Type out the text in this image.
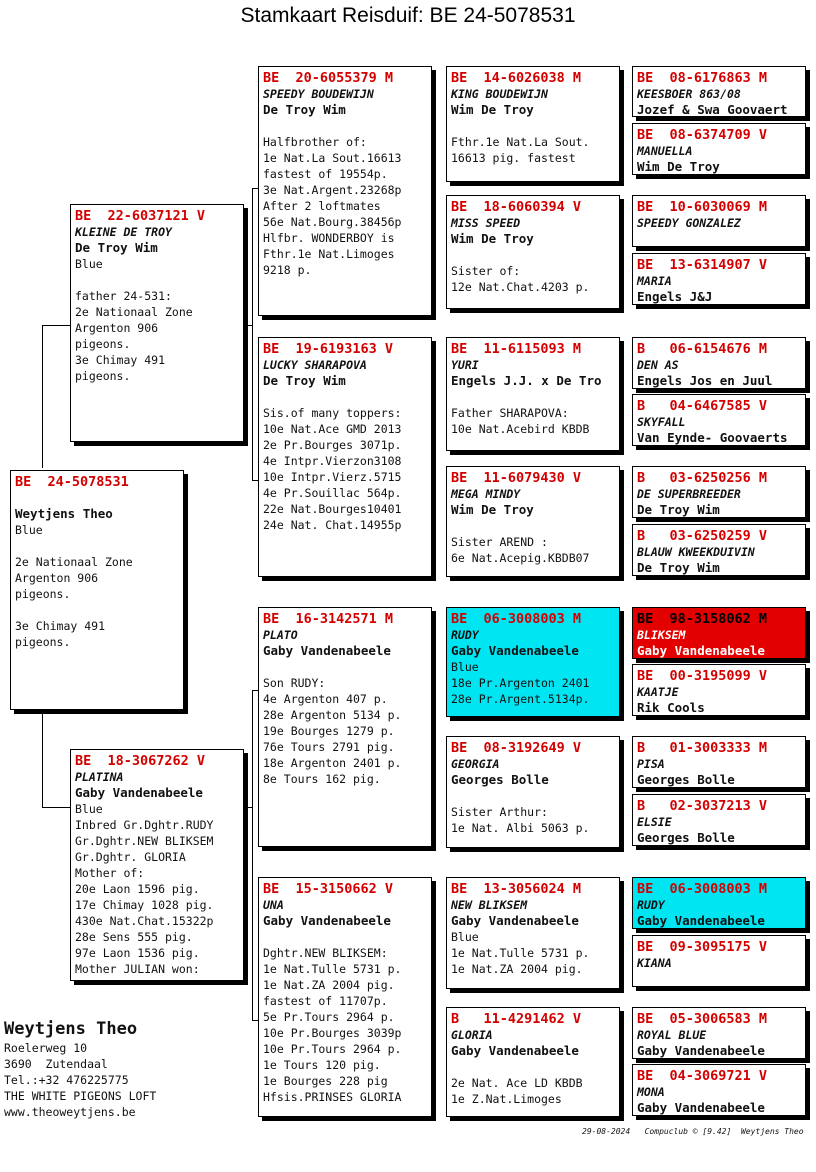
Stamkaart Reisduif: BE 24-5078531
BE  24-5078531
Weytjens Theo
Blue

2e Nationaal Zone
Argenton 906
pigeons.

3e Chimay 491
pigeons.
BE  22-6037121 V
KLEINE DE TROY
De Troy Wim
Blue

father 24-531:
2e Nationaal Zone
Argenton 906
pigeons.
3e Chimay 491
pigeons.
BE  18-3067262 V
PLATINA
Gaby Vandenabeele
Blue
Inbred Gr.Dghtr.RUDY
Gr.Dghtr.NEW BLIKSEM
Gr.Dghtr. GLORIA
Mother of:
20e Laon 1596 pig.
17e Chimay 1028 pig.
430e Nat.Chat.15322p
28e Sens 555 pig.
97e Laon 1536 pig.
Mother JULIAN won:
BE  20-6055379 M
SPEEDY BOUDEWIJN
De Troy Wim

Halfbrother of:
1e Nat.La Sout.16613
fastest of 19554p.
3e Nat.Argent.23268p
After 2 loftmates
56e Nat.Bourg.38456p
Hlfbr. WONDERBOY is
Fthr.1e Nat.Limoges
9218 p.
BE  19-6193163 V
LUCKY SHARAPOVA
De Troy Wim

Sis.of many toppers:
10e Nat.Ace GMD 2013
2e Pr.Bourges 3071p.
4e Intpr.Vierzon3108
10e Intpr.Vierz.5715
4e Pr.Souillac 564p.
22e Nat.Bourges10401
24e Nat. Chat.14955p
BE  16-3142571 M
PLATO
Gaby Vandenabeele

Son RUDY:
4e Argenton 407 p.
28e Argenton 5134 p.
19e Bourges 1279 p.
76e Tours 2791 pig.
18e Argenton 2401 p.
8e Tours 162 pig.
BE  15-3150662 V
UNA
Gaby Vandenabeele

Dghtr.NEW BLIKSEM:
1e Nat.Tulle 5731 p.
1e Nat.ZA 2004 pig.
fastest of 11707p.
5e Pr.Tours 2964 p.
10e Pr.Bourges 3039p
10e Pr.Tours 2964 p.
1e Tours 120 pig.
1e Bourges 228 pig
Hfsis.PRINSES GLORIA
BE  14-6026038 M
KING BOUDEWIJN
Wim De Troy

Fthr.1e Nat.La Sout.
16613 pig. fastest
BE  18-6060394 V
MISS SPEED
Wim De Troy

Sister of:
12e Nat.Chat.4203 p.
BE  11-6115093 M
YURI
Engels J.J. x De Tro

Father SHARAPOVA:
10e Nat.Acebird KBDB
BE  11-6079430 V
MEGA MINDY
Wim De Troy

Sister AREND :
6e Nat.Acepig.KBDB07
BE  06-3008003 M
RUDY
Gaby Vandenabeele
Blue
18e Pr.Argenton 2401
28e Pr.Argent.5134p.
BE  08-3192649 V
GEORGIA
Georges Bolle

Sister Arthur:
1e Nat. Albi 5063 p.
BE  13-3056024 M
NEW BLIKSEM
Gaby Vandenabeele
Blue
1e Nat.Tulle 5731 p.
1e Nat.ZA 2004 pig.
B   11-4291462 V
GLORIA
Gaby Vandenabeele

2e Nat. Ace LD KBDB
1e Z.Nat.Limoges
BE  08-6176863 M
KEESBOER 863/08
Jozef & Swa Goovaert
BE  08-6374709 V
MANUELLA
Wim De Troy
BE  10-6030069 M
SPEEDY GONZALEZ
BE  13-6314907 V
MARIA
Engels J&J
B   06-6154676 M
DEN AS
Engels Jos en Juul
B   04-6467585 V
SKYFALL
Van Eynde- Goovaerts
B   03-6250256 M
DE SUPERBREEDER
De Troy Wim
B   03-6250259 V
BLAUW KWEEKDUIVIN
De Troy Wim
BE  98-3158062 M
BLIKSEM
Gaby Vandenabeele
BE  00-3195099 V
KAATJE
Rik Cools
B   01-3003333 M
PISA
Georges Bolle
B   02-3037213 V
ELSIE
Georges Bolle
BE  06-3008003 M
RUDY
Gaby Vandenabeele
BE  09-3095175 V
KIANA
BE  05-3006583 M
ROYAL BLUE
Gaby Vandenabeele
BE  04-3069721 V
MONA
Gaby Vandenabeele
Weytjens Theo
Roelerweg 10
3690  Zutendaal
Tel.:+32 476225775
THE WHITE PIGEONS LOFT
www.theoweytjens.be
29-08-2024   Compuclub © [9.42]  Weytjens Theo
